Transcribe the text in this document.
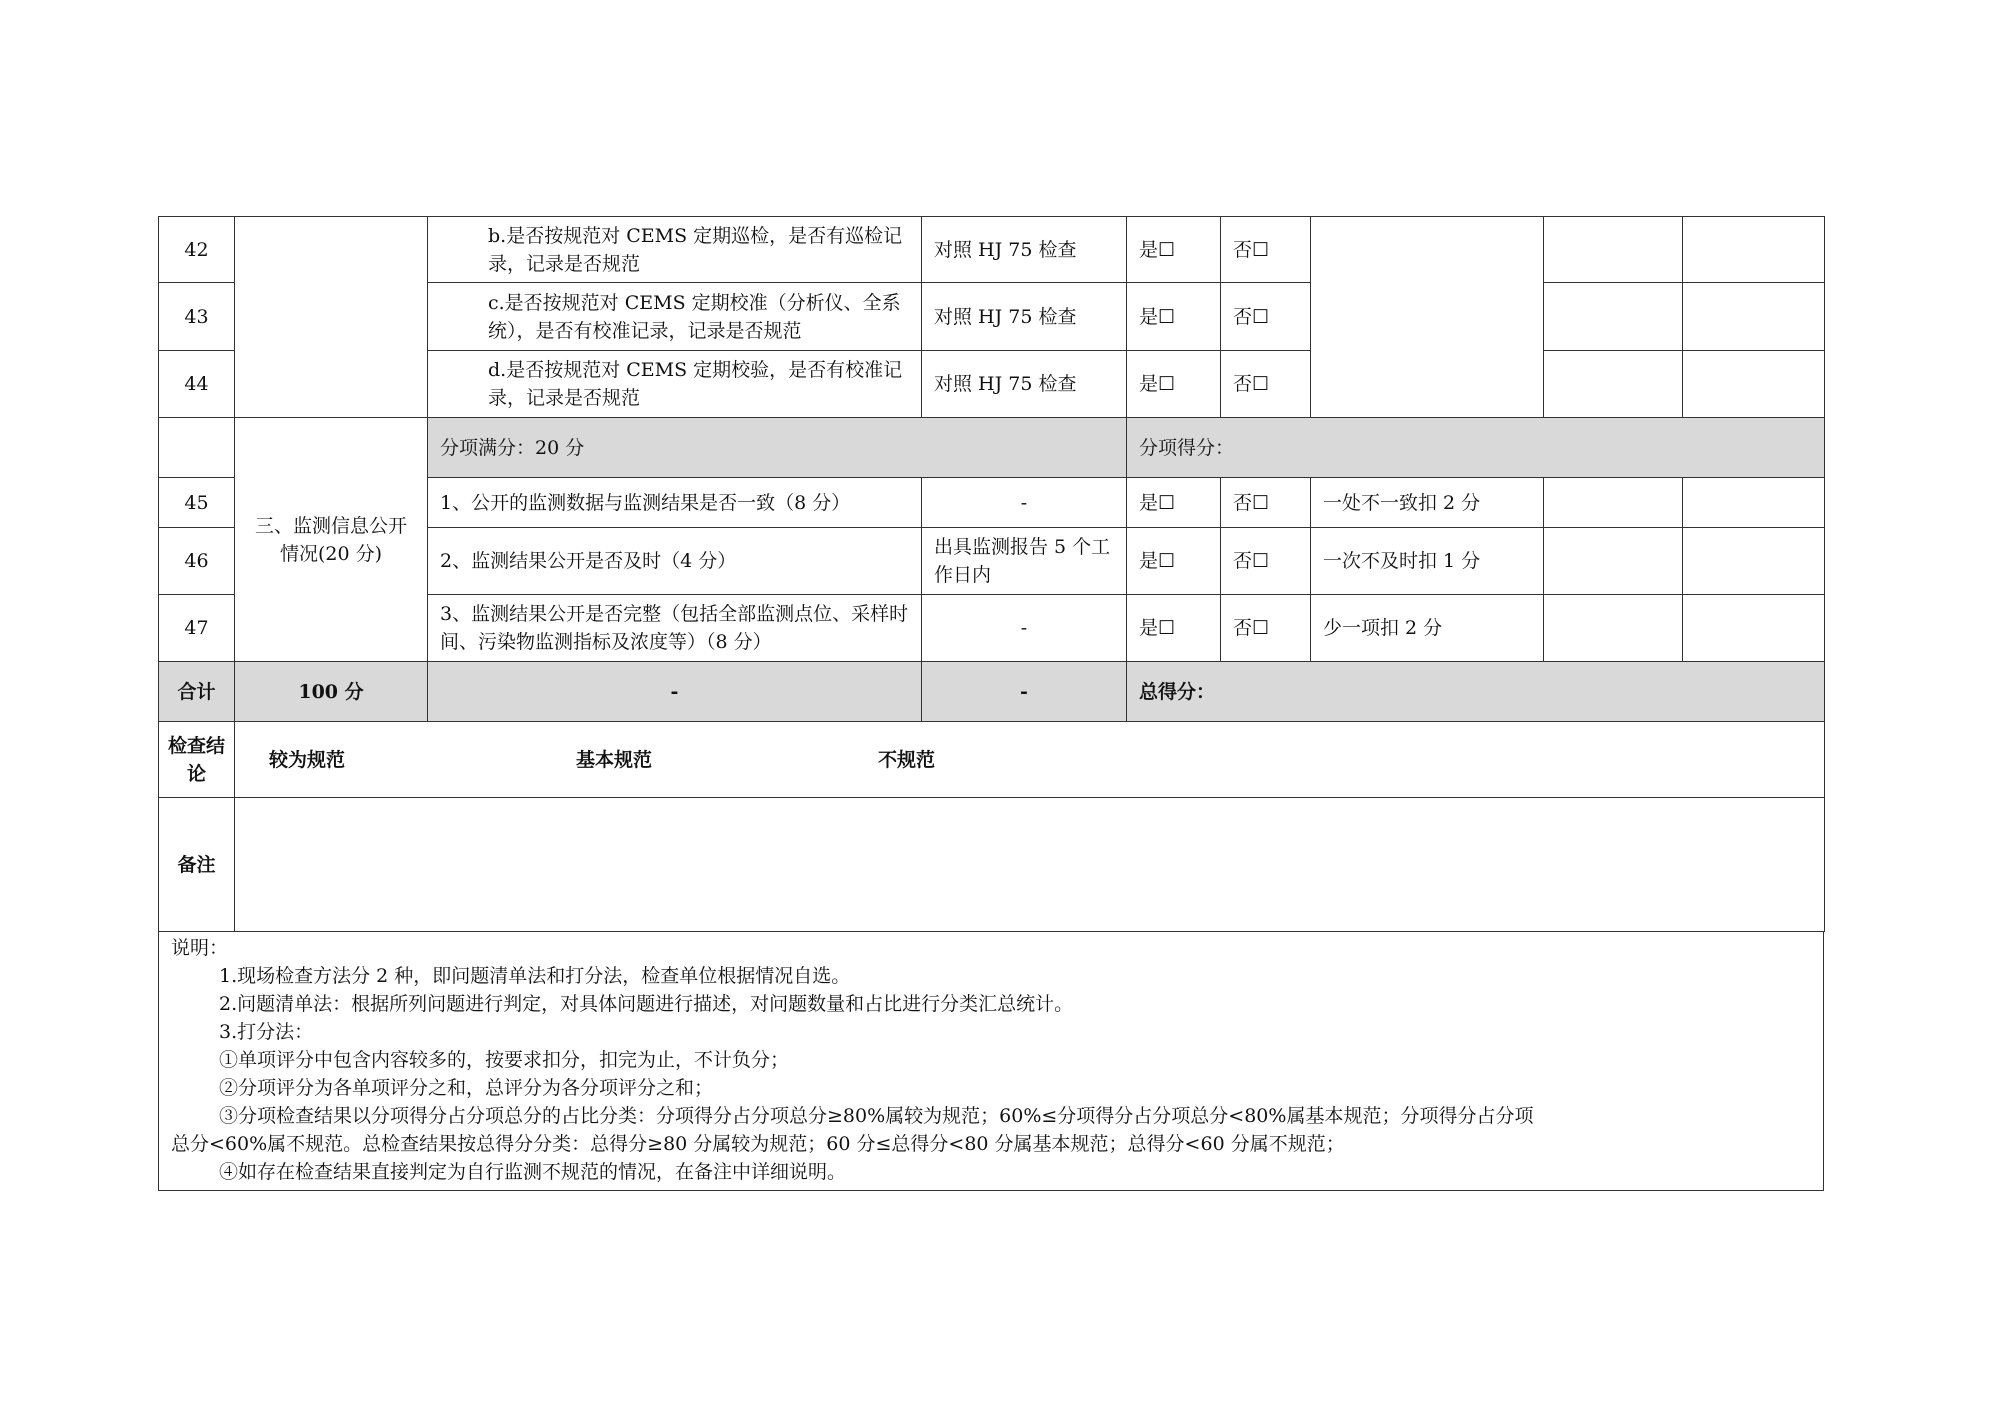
42		b.是否按规范对 CEMS 定期巡检，是否有巡检记录，记录是否规范	对照 HJ 75 检查	是☐	否☐			
43		c.是否按规范对 CEMS 定期校准（分析仪、全系统），是否有校准记录，记录是否规范	对照 HJ 75 检查	是☐	否☐			
44		d.是否按规范对 CEMS 定期校验，是否有校准记录，记录是否规范	对照 HJ 75 检查	是☐	否☐			
	三、监测信息公开情况(20 分)	分项满分：20 分		分项得分：				
45		1、公开的监测数据与监测结果是否一致（8 分）	-	是☐	否☐	一处不一致扣 2 分		
46		2、监测结果公开是否及时（4 分）	出具监测报告 5 个工作日内	是☐	否☐	一次不及时扣 1 分		
47		3、监测结果公开是否完整（包括全部监测点位、采样时间、污染物监测指标及浓度等）（8 分）	-	是☐	否☐	少一项扣 2 分		
合计	100 分	-	-	总得分：				
检查结论	较为规范 基本规范 不规范							
备注								

说明：

1.现场检查方法分 2 种，即问题清单法和打分法，检查单位根据情况自选。

2.问题清单法：根据所列问题进行判定，对具体问题进行描述，对问题数量和占比进行分类汇总统计。

3.打分法：

①单项评分中包含内容较多的，按要求扣分，扣完为止，不计负分；

②分项评分为各单项评分之和，总评分为各分项评分之和；

③分项检查结果以分项得分占分项总分的占比分类：分项得分占分项总分≥80%属较为规范；60%≤分项得分占分项总分<80%属基本规范；分项得分占分项

总分<60%属不规范。总检查结果按总得分分类：总得分≥80 分属较为规范；60 分≤总得分<80 分属基本规范；总得分<60 分属不规范；

④如存在检查结果直接判定为自行监测不规范的情况，在备注中详细说明。
